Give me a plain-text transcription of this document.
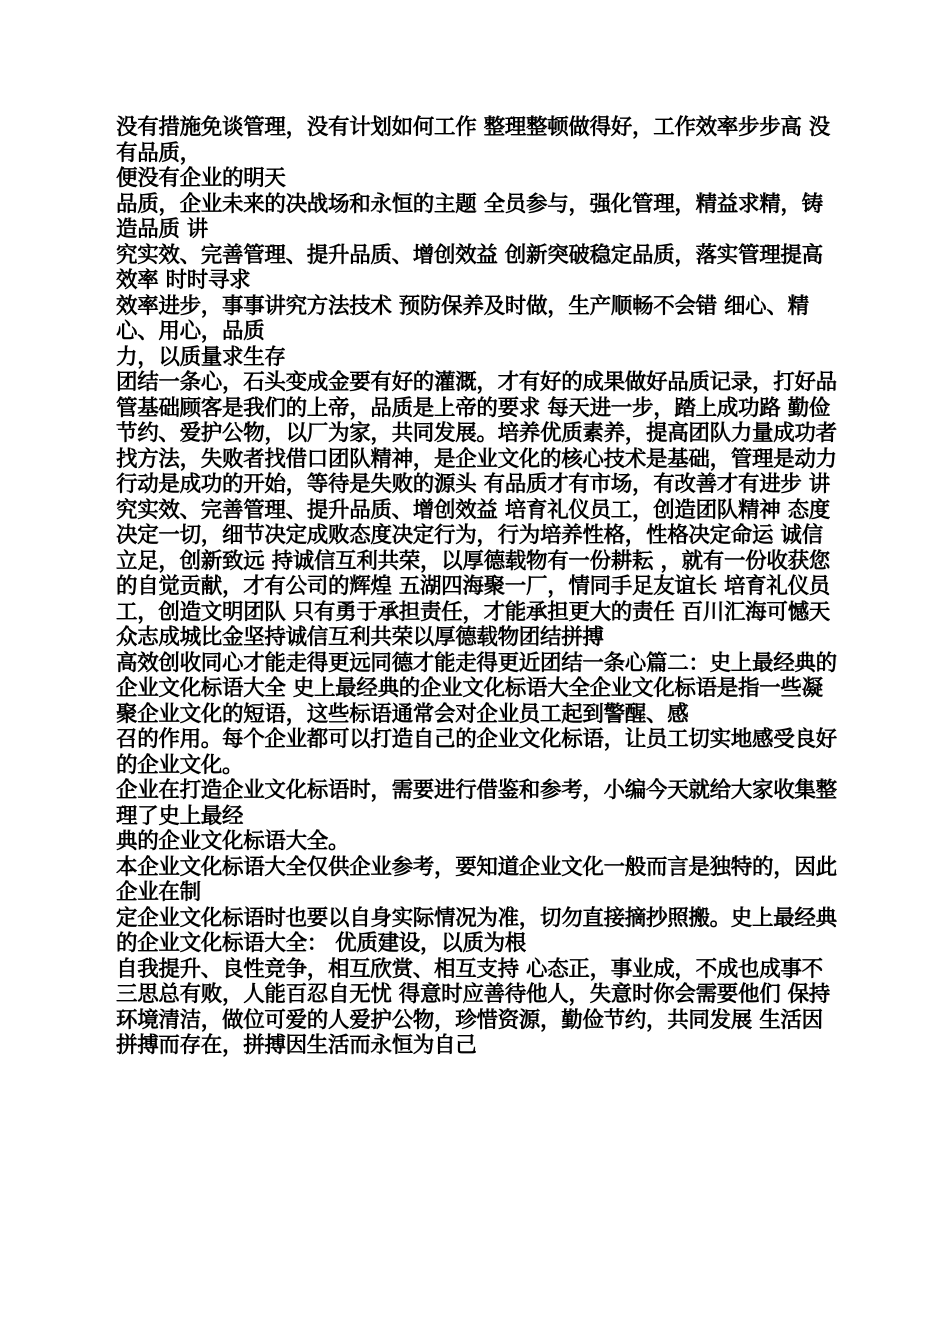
没有措施免谈管理，没有计划如何工作 整理整顿做得好，工作效率步步高 没有品质，

便没有企业的明天

品质，企业未来的决战场和永恒的主题 全员参与，强化管理，精益求精，铸造品质 讲

究实效、完善管理、提升品质、增创效益 创新突破稳定品质，落实管理提高效率 时时寻求

效率进步，事事讲究方法技术 预防保养及时做，生产顺畅不会错 细心、精心、用心，品质

力，以质量求生存

团结一条心，石头变成金要有好的灌溉，才有好的成果做好品质记录，打好品管基础顾客是我们的上帝，品质是上帝的要求 每天进一步，踏上成功路 勤俭节约、爱护公物，以厂为家，共同发展。培养优质素养，提高团队力量成功者找方法，失败者找借口团队精神，是企业文化的核心技术是基础，管理是动力

行动是成功的开始，等待是失败的源头 有品质才有市场，有改善才有进步 讲究实效、完善管理、提升品质、增创效益 培育礼仪员工，创造团队精神 态度决定一切，细节决定成败态度决定行为，行为培养性格，性格决定命运 诚信立足，创新致远 持诚信互利共荣，以厚德载物有一份耕耘 ，就有一份收获您的自觉贡献，才有公司的辉煌 五湖四海聚一厂，情同手足友谊长 培育礼仪员工，创造文明团队 只有勇于承担责任，才能承担更大的责任 百川汇海可憾天 众志成城比金坚持诚信互利共荣以厚德载物团结拼搏

高效创收同心才能走得更远同德才能走得更近团结一条心篇二：史上最经典的企业文化标语大全 史上最经典的企业文化标语大全企业文化标语是指一些凝聚企业文化的短语，这些标语通常会对企业员工起到警醒、感

召的作用。每个企业都可以打造自己的企业文化标语，让员工切实地感受良好的企业文化。

企业在打造企业文化标语时，需要进行借鉴和参考，小编今天就给大家收集整理了史上最经

典的企业文化标语大全。

本企业文化标语大全仅供企业参考，要知道企业文化一般而言是独特的，因此企业在制

定企业文化标语时也要以自身实际情况为准，切勿直接摘抄照搬。史上最经典的企业文化标语大全： 优质建设，以质为根

自我提升、良性竞争，相互欣赏、相互支持 心态正，事业成，不成也成事不三思总有败，人能百忍自无忧 得意时应善待他人，失意时你会需要他们 保持环境清洁，做位可爱的人爱护公物，珍惜资源，勤俭节约，共同发展 生活因拼搏而存在，拼搏因生活而永恒为自己
